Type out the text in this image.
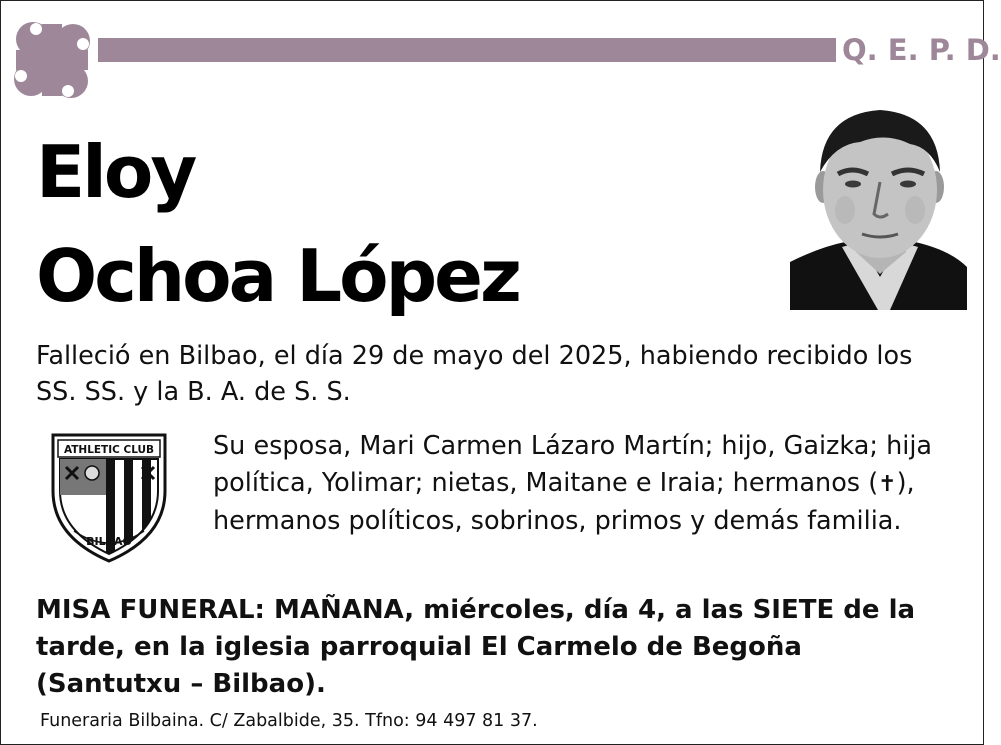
Q. E. P. D.
Eloy
Ochoa López
Falleció en Bilbao, el día 29 de mayo del 2025, habiendo recibido los SS. SS. y la B. A. de S. S.
ATHLETIC CLUB
BILBAO
Su esposa, Mari Carmen Lázaro Martín; hijo, Gaizka; hija política, Yolimar; nietas, Maitane e Iraia; hermanos (✝), hermanos políticos, sobrinos, primos y demás familia.
MISA FUNERAL: MAÑANA, miércoles, día 4, a las SIETE de la tarde, en la iglesia parroquial El Carmelo de Begoña (Santutxu – Bilbao).
Funeraria Bilbaina. C/ Zabalbide, 35. Tfno: 94 497 81 37.
